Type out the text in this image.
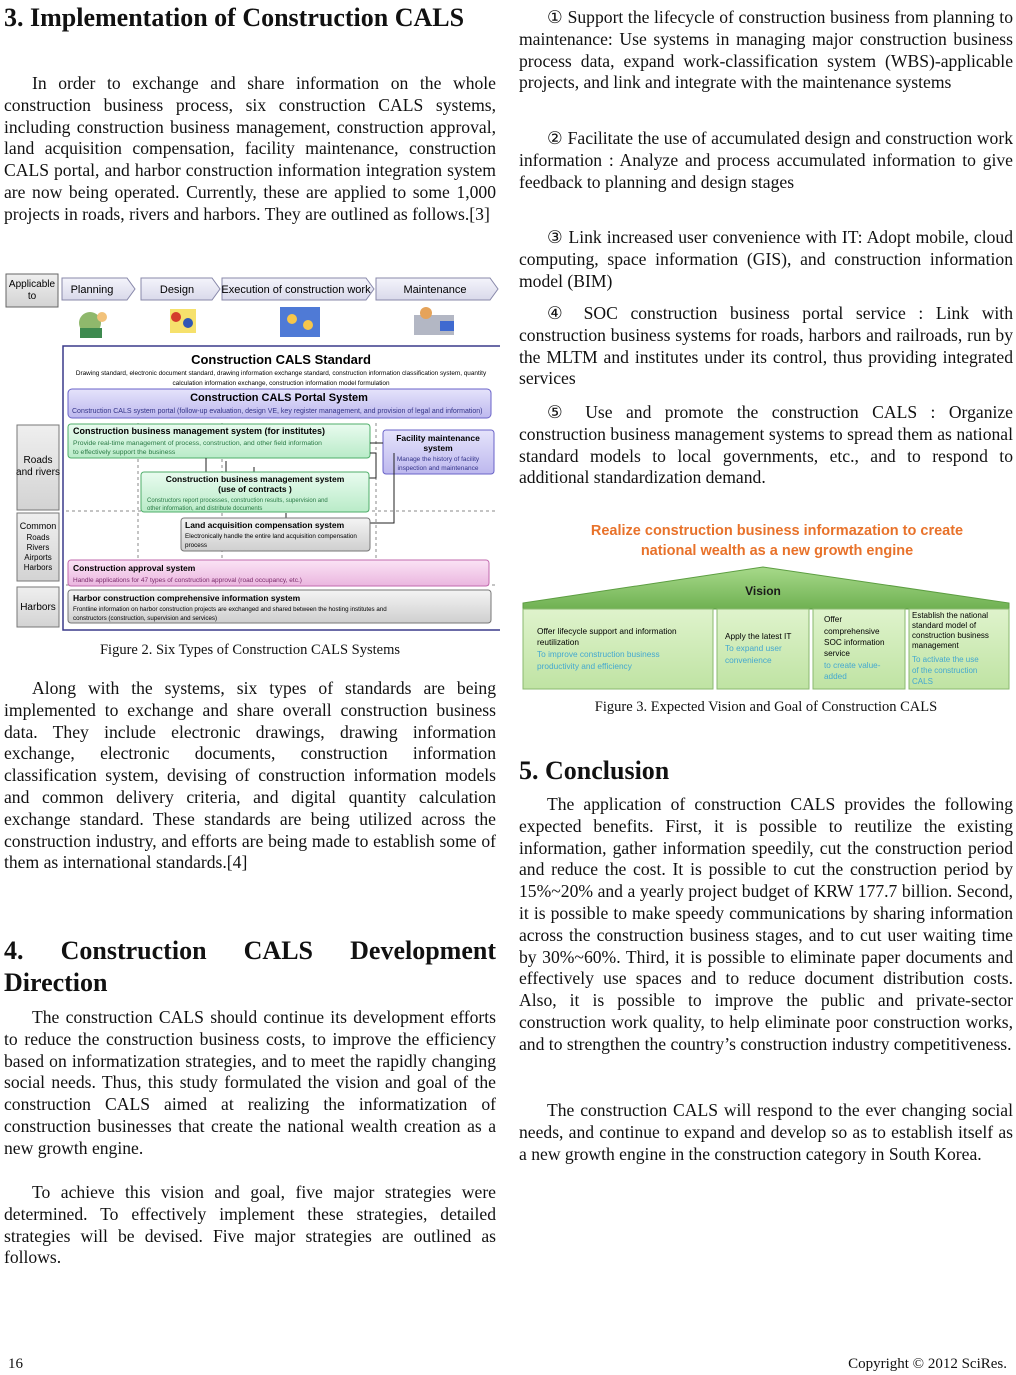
3. Implementation of Construction CALS

In order to exchange and share information on the whole construction business process, six construction CALS systems, including construction business management, construction approval, land acquisition compensation, facility maintenance, construction CALS portal, and harbor construction information integration system are now being operated. Currently, these are applied to some 1,000 projects in roads, rivers and harbors. They are outlined as follows.[3]

Applicable
to
Planning	Design Execution of construction work	Maintenance
Roads
and rivers
Common
Roads
Rivers
Airports
Harbors
Harbors
Construction CALS Standard
Drawing standard, electronic document standard, drawing information exchange standard, construction information classification system, quantity
calculation information exchange, construction information model formulation
Construction CALS Portal System
Construction CALS system portal (follow-up evaluation, design VE, key register management, and provision of legal and information)
Construction business management system (for institutes)
Provide real-time management of process, construction, and other field information
to effectively support the business
Facility maintenance
system
Manage the history of facility
inspection and maintenance
Construction business management system
(use of contracts )
Constructors report processes, construction results, supervision and
other information, and distribute documents
Land acquisition compensation system
Electronically handle the entire land acquisition compensation
process
Construction approval system
Handle applications for 47 types of construction approval (road occupancy, etc.)
Harbor construction comprehensive information system
Frontline information on harbor construction projects are exchanged and shared between the hosting institutes and
constructors (construction, supervision and services)

Figure 2. Six Types of Construction CALS Systems

Along with the systems, six types of standards are being implemented to exchange and share overall construction business data. They include electronic drawings, drawing information exchange, electronic documents, construction information classification system, devising of construction information models and common delivery criteria, and digital quantity calculation exchange standard. These standards are being utilized across the construction industry, and efforts are being made to establish some of them as international standards.[4]

4. Construction CALS Development Direction

The construction CALS should continue its development efforts to reduce the construction business costs, to improve the efficiency based on informatization strategies, and to meet the rapidly changing social needs. Thus, this study formulated the vision and goal of the construction CALS aimed at realizing the informatization of construction businesses that create the national wealth creation as a new growth engine.

To achieve this vision and goal, five major strategies were determined. To effectively implement these strategies, detailed strategies will be devised. Five major strategies are outlined as follows.

① Support the lifecycle of construction business from planning to maintenance: Use systems in managing major construction business process data, expand work-classification system (WBS)-applicable projects, and link and integrate with the maintenance systems

② Facilitate the use of accumulated design and construction work information : Analyze and process accumulated information to give feedback to planning and design stages

③ Link increased user convenience with IT: Adopt mobile, cloud computing, space information (GIS), and construction information model (BIM)

④ SOC construction business portal service : Link with construction business systems for roads, harbors and railroads, run by the MLTM and institutes under its control, thus providing integrated services

⑤ Use and promote the construction CALS : Organize construction business management systems to spread them as national standard models to local governments, etc., and to respond to additional standardization demand.

Realize construction business informazation to create
national wealth as a new growth engine
Vision
Offer lifecycle support and information
reutilization
To improve construction business
productivity and efficiency
Apply the latest IT
To expand user
convenience
Offer
comprehensive
SOC information
service
to create value-
added
Establish the national
standard model of
construction business
management
To activate the use
of the construction
CALS

Figure 3. Expected Vision and Goal of Construction CALS

5. Conclusion

The application of construction CALS provides the following expected benefits. First, it is possible to reutilize the existing information, gather information speedily, cut the construction period and reduce the cost. It is possible to cut the construction period by 15%~20% and a yearly project budget of KRW 177.7 billion. Second, it is possible to make speedy communications by sharing information across the construction business stages, and to cut user waiting time by 30%~60%. Third, it is possible to eliminate paper documents and effectively use spaces and to reduce document distribution costs. Also, it is possible to improve the public and private-sector construction work quality, to help eliminate poor construction works, and to strengthen the country’s construction industry competitiveness.

The construction CALS will respond to the ever changing social needs, and continue to expand and develop so as to establish itself as a new growth engine in the construction category in South Korea.

16	Copyright © 2012 SciRes.
